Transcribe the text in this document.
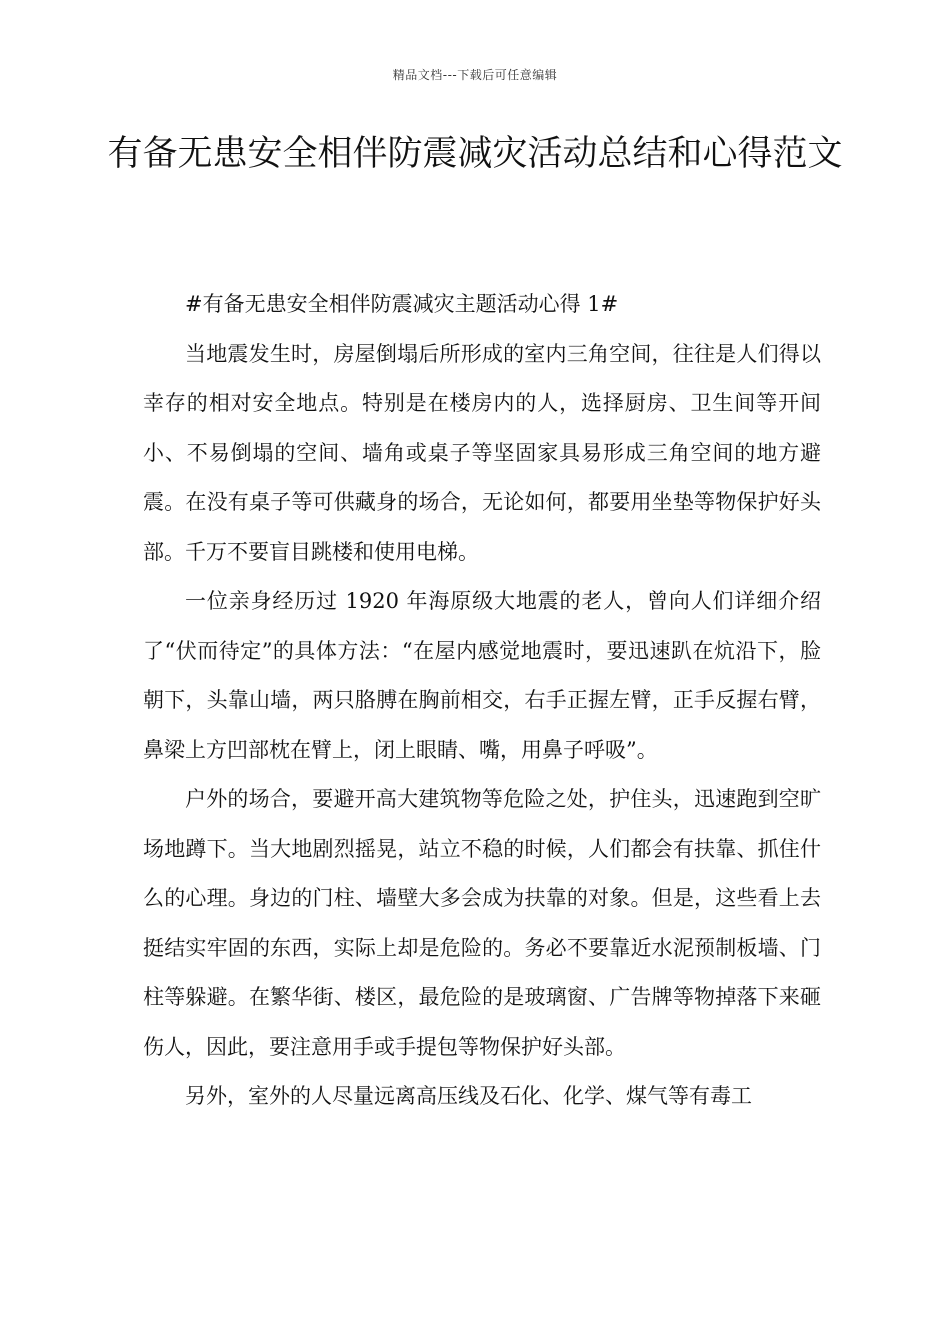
精品文档---下载后可任意编辑
有备无患安全相伴防震减灾活动总结和心得范文

#有备无患安全相伴防震减灾主题活动心得 1#

当地震发生时，房屋倒塌后所形成的室内三角空间，往往是人们得以幸存的相对安全地点。特别是在楼房内的人，选择厨房、卫生间等开间小、不易倒塌的空间、墙角或桌子等坚固家具易形成三角空间的地方避震。在没有桌子等可供藏身的场合，无论如何，都要用坐垫等物保护好头部。千万不要盲目跳楼和使用电梯。

一位亲身经历过 1920 年海原级大地震的老人，曾向人们详细介绍了“伏而待定”的具体方法：“在屋内感觉地震时，要迅速趴在炕沿下，脸朝下，头靠山墙，两只胳膊在胸前相交，右手正握左臂，正手反握右臂，鼻梁上方凹部枕在臂上，闭上眼睛、嘴，用鼻子呼吸”。

户外的场合，要避开高大建筑物等危险之处，护住头，迅速跑到空旷场地蹲下。当大地剧烈摇晃，站立不稳的时候，人们都会有扶靠、抓住什么的心理。身边的门柱、墙壁大多会成为扶靠的对象。但是，这些看上去挺结实牢固的东西，实际上却是危险的。务必不要靠近水泥预制板墙、门柱等躲避。在繁华街、楼区，最危险的是玻璃窗、广告牌等物掉落下来砸伤人，因此，要注意用手或手提包等物保护好头部。

另外，室外的人尽量远离高压线及石化、化学、煤气等有毒工
